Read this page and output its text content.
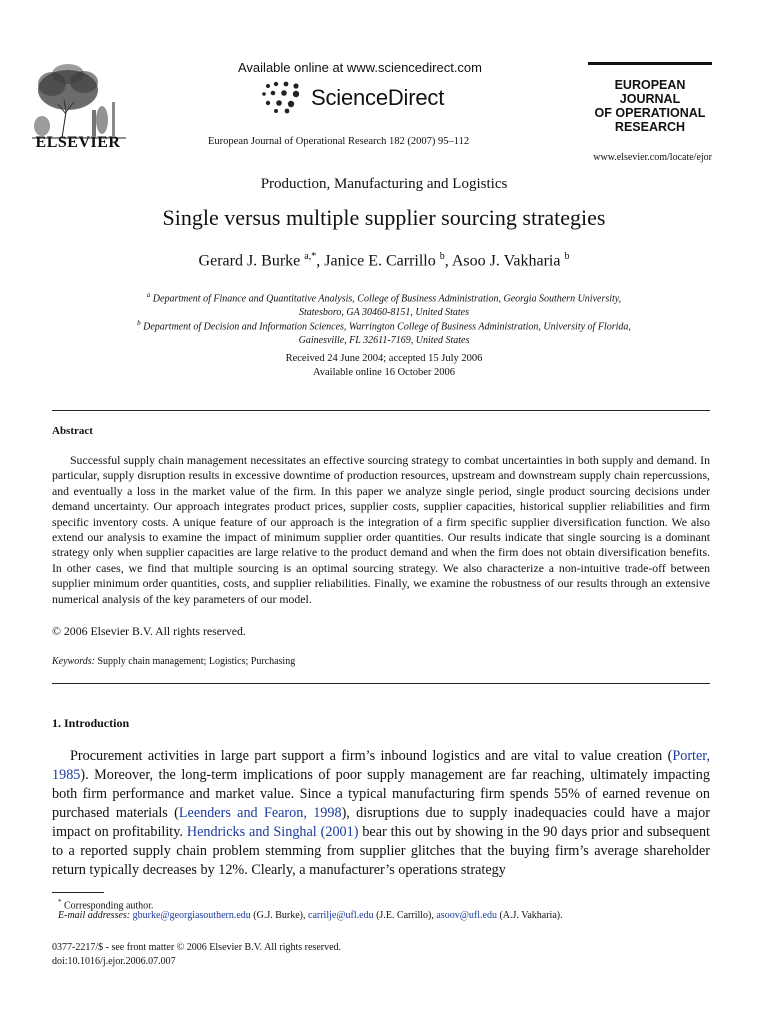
ELSEVIER
Available online at www.sciencedirect.com
ScienceDirect
European Journal of Operational Research 182 (2007) 95–112
EUROPEAN
JOURNAL
OF OPERATIONAL
RESEARCH
www.elsevier.com/locate/ejor
Production, Manufacturing and Logistics
Single versus multiple supplier sourcing strategies
Gerard J. Burke $^{a,*}$, Janice E. Carrillo $^b$, Asoo J. Vakharia $^b$
$^a$ Department of Finance and Quantitative Analysis, College of Business Administration, Georgia Southern University,
Statesboro, GA 30460-8151, United States
$^b$ Department of Decision and Information Sciences, Warrington College of Business Administration, University of Florida,
Gainesville, FL 32611-7169, United States
Received 24 June 2004; accepted 15 July 2006
Available online 16 October 2006
Abstract

Successful supply chain management necessitates an effective sourcing strategy to combat uncertainties in both supply and demand. In particular, supply disruption results in excessive downtime of production resources, upstream and downstream supply chain repercussions, and eventually a loss in the market value of the firm. In this paper we analyze single period, single product sourcing decisions under demand uncertainty. Our approach integrates product prices, supplier costs, supplier capacities, historical supplier reliabilities and firm specific inventory costs. A unique feature of our approach is the integration of a firm specific supplier diversification function. We also extend our analysis to examine the impact of minimum supplier order quantities. Our results indicate that single sourcing is a dominant strategy only when supplier capacities are large relative to the product demand and when the firm does not obtain diversification benefits. In other cases, we find that multiple sourcing is an optimal sourcing strategy. We also characterize a non-intuitive trade-off between supplier minimum order quantities, costs, and supplier reliabilities. Finally, we examine the robustness of our results through an extensive numerical analysis of the key parameters of our model.

© 2006 Elsevier B.V. All rights reserved.
Keywords: Supply chain management; Logistics; Purchasing
1. Introduction

Procurement activities in large part support a firm’s inbound logistics and are vital to value creation (Porter, 1985). Moreover, the long-term implications of poor supply management are far reaching, ultimately impacting both firm performance and market value. Since a typical manufacturing firm spends 55% of earned revenue on purchased materials (Leenders and Fearon, 1998), disruptions due to supply inadequacies could have a major impact on profitability. Hendricks and Singhal (2001) bear this out by showing in the 90 days prior and subsequent to a reported supply chain problem stemming from supplier glitches that the buying firm’s average shareholder return typically decreases by 12%. Clearly, a manufacturer’s operations strategy

* Corresponding author.
E-mail addresses: gburke@georgiasouthern.edu (G.J. Burke), carrilje@ufl.edu (J.E. Carrillo), asoov@ufl.edu (A.J. Vakharia).
0377-2217/$ - see front matter © 2006 Elsevier B.V. All rights reserved.
doi:10.1016/j.ejor.2006.07.007
